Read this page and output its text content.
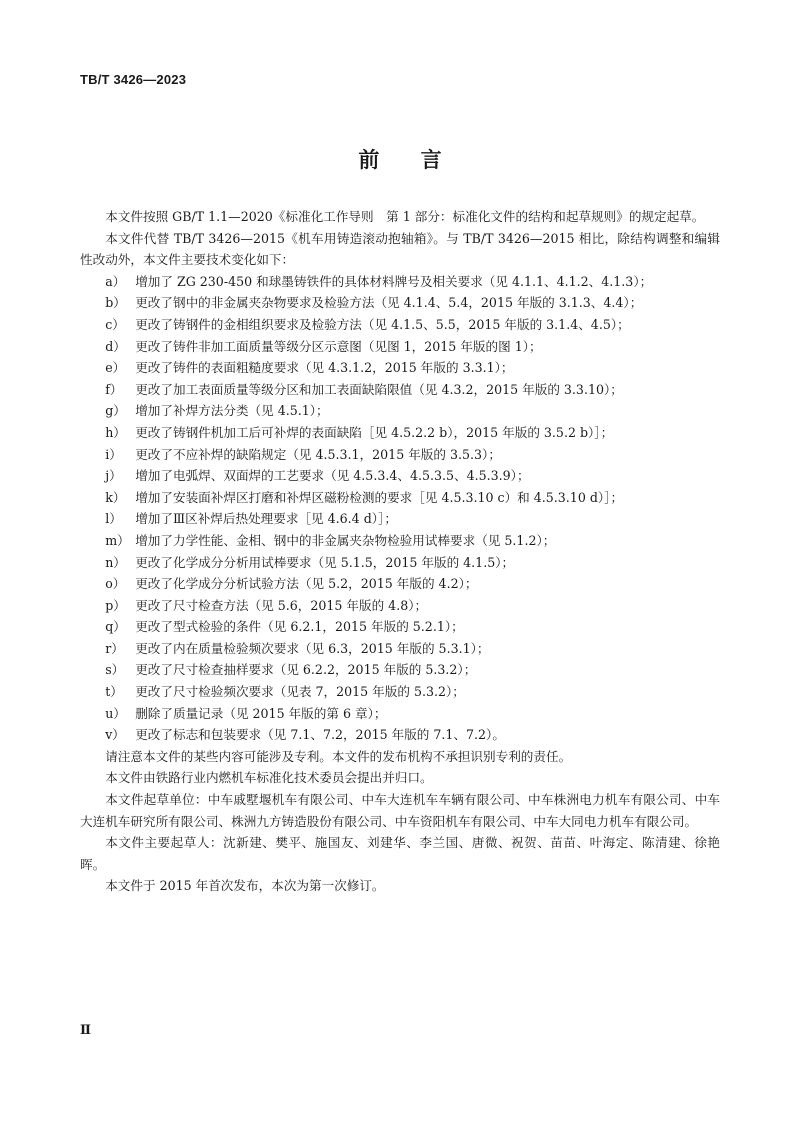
TB/T 3426—2023
前 言
本文件按照 GB/T 1.1—2020《标准化工作导则　第 1 部分：标准化文件的结构和起草规则》的规定起草。
本文件代替 TB/T 3426—2015《机车用铸造滚动抱轴箱》。与 TB/T 3426—2015 相比，除结构调整和编辑性改动外，本文件主要技术变化如下：
a） 增加了 ZG 230-450 和球墨铸铁件的具体材料牌号及相关要求（见 4.1.1、4.1.2、4.1.3）；
b） 更改了钢中的非金属夹杂物要求及检验方法（见 4.1.4、5.4，2015 年版的 3.1.3、4.4）；
c） 更改了铸钢件的金相组织要求及检验方法（见 4.1.5、5.5，2015 年版的 3.1.4、4.5）；
d） 更改了铸件非加工面质量等级分区示意图（见图 1，2015 年版的图 1）；
e） 更改了铸件的表面粗糙度要求（见 4.3.1.2，2015 年版的 3.3.1）；
f）	更改了加工表面质量等级分区和加工表面缺陷限值（见 4.3.2，2015 年版的 3.3.10）；
g） 增加了补焊方法分类（见 4.5.1）；
h） 更改了铸钢件机加工后可补焊的表面缺陷［见 4.5.2.2 b），2015 年版的 3.5.2 b）］；
i）	更改了不应补焊的缺陷规定（见 4.5.3.1，2015 年版的 3.5.3）；
j）	增加了电弧焊、双面焊的工艺要求（见 4.5.3.4、4.5.3.5、4.5.3.9）；
k） 增加了安装面补焊区打磨和补焊区磁粉检测的要求［见 4.5.3.10 c）和 4.5.3.10 d）］；
l）	增加了Ⅲ区补焊后热处理要求［见 4.6.4 d）］；
m） 增加了力学性能、金相、钢中的非金属夹杂物检验用试棒要求（见 5.1.2）；
n） 更改了化学成分分析用试棒要求（见 5.1.5，2015 年版的 4.1.5）；
o） 更改了化学成分分析试验方法（见 5.2，2015 年版的 4.2）；
p） 更改了尺寸检查方法（见 5.6，2015 年版的 4.8）；
q） 更改了型式检验的条件（见 6.2.1，2015 年版的 5.2.1）；
r） 更改了内在质量检验频次要求（见 6.3，2015 年版的 5.3.1）；
s） 更改了尺寸检查抽样要求（见 6.2.2，2015 年版的 5.3.2）；
t） 更改了尺寸检验频次要求（见表 7，2015 年版的 5.3.2）；
u） 删除了质量记录（见 2015 年版的第 6 章）；
v） 更改了标志和包装要求（见 7.1、7.2，2015 年版的 7.1、7.2）。
请注意本文件的某些内容可能涉及专利。本文件的发布机构不承担识别专利的责任。
本文件由铁路行业内燃机车标准化技术委员会提出并归口。
本文件起草单位：中车戚墅堰机车有限公司、中车大连机车车辆有限公司、中车株洲电力机车有限公司、中车大连机车研究所有限公司、株洲九方铸造股份有限公司、中车资阳机车有限公司、中车大同电力机车有限公司。
本文件主要起草人：沈新建、樊平、施国友、刘建华、李兰国、唐微、祝贺、苗苗、叶海定、陈清建、徐艳晖。
本文件于 2015 年首次发布，本次为第一次修订。
Ⅱ
